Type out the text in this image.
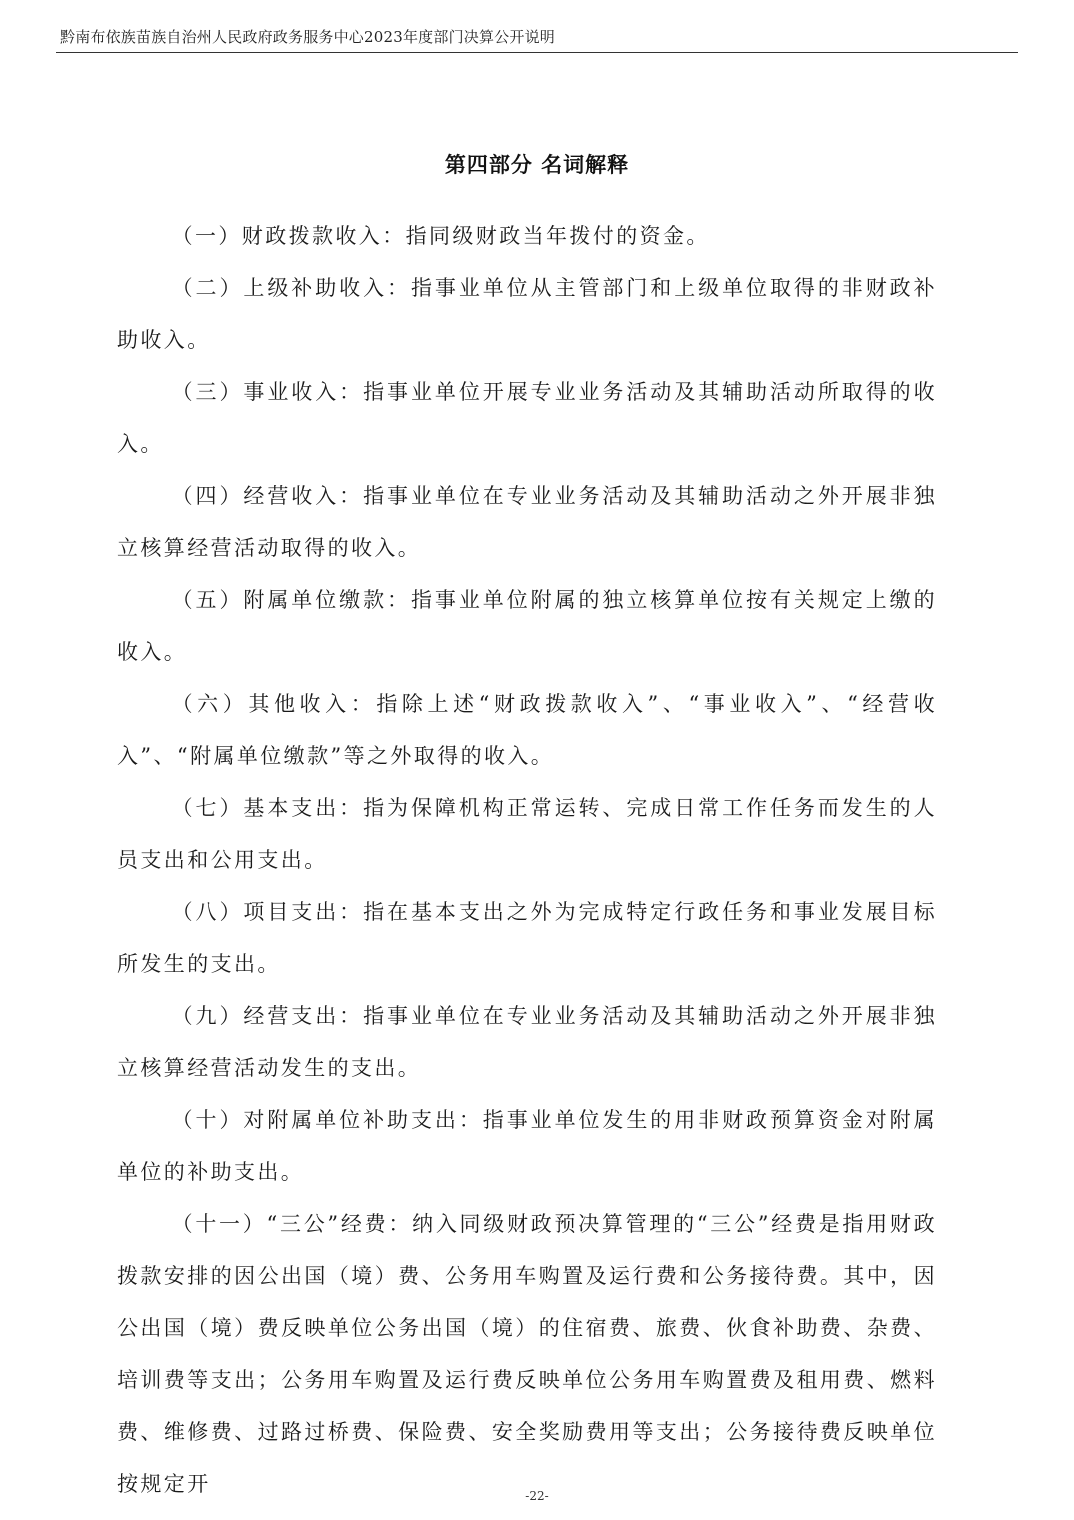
黔南布依族苗族自治州人民政府政务服务中心2023年度部门决算公开说明
第四部分 名词解释

（一）财政拨款收入：指同级财政当年拨付的资金。

（二）上级补助收入：指事业单位从主管部门和上级单位取得的非财政补助收入。

（三）事业收入：指事业单位开展专业业务活动及其辅助活动所取得的收入。

（四）经营收入：指事业单位在专业业务活动及其辅助活动之外开展非独立核算经营活动取得的收入。

（五）附属单位缴款：指事业单位附属的独立核算单位按有关规定上缴的收入。

（六）其他收入：指除上述“财政拨款收入”、“事业收入”、“经营收入”、“附属单位缴款”等之外取得的收入。

（七）基本支出：指为保障机构正常运转、完成日常工作任务而发生的人员支出和公用支出。

（八）项目支出：指在基本支出之外为完成特定行政任务和事业发展目标所发生的支出。

（九）经营支出：指事业单位在专业业务活动及其辅助活动之外开展非独立核算经营活动发生的支出。

（十）对附属单位补助支出：指事业单位发生的用非财政预算资金对附属单位的补助支出。

（十一）“三公”经费：纳入同级财政预决算管理的“三公”经费是指用财政拨款安排的因公出国（境）费、公务用车购置及运行费和公务接待费。其中，因公出国（境）费反映单位公务出国（境）的住宿费、旅费、伙食补助费、杂费、培训费等支出；公务用车购置及运行费反映单位公务用车购置费及租用费、燃料费、维修费、过路过桥费、保险费、安全奖励费用等支出；公务接待费反映单位按规定开	-22-
